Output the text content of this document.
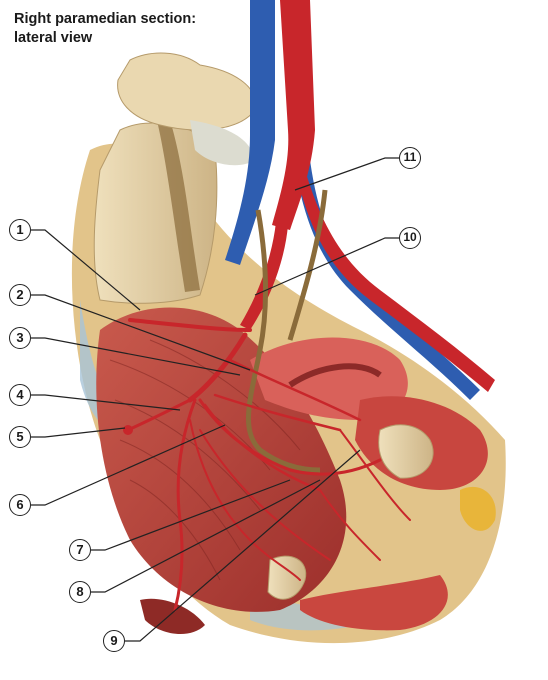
Right paramedian section:
lateral view
1
2
3
4
5
6
7
8
9
10
11
